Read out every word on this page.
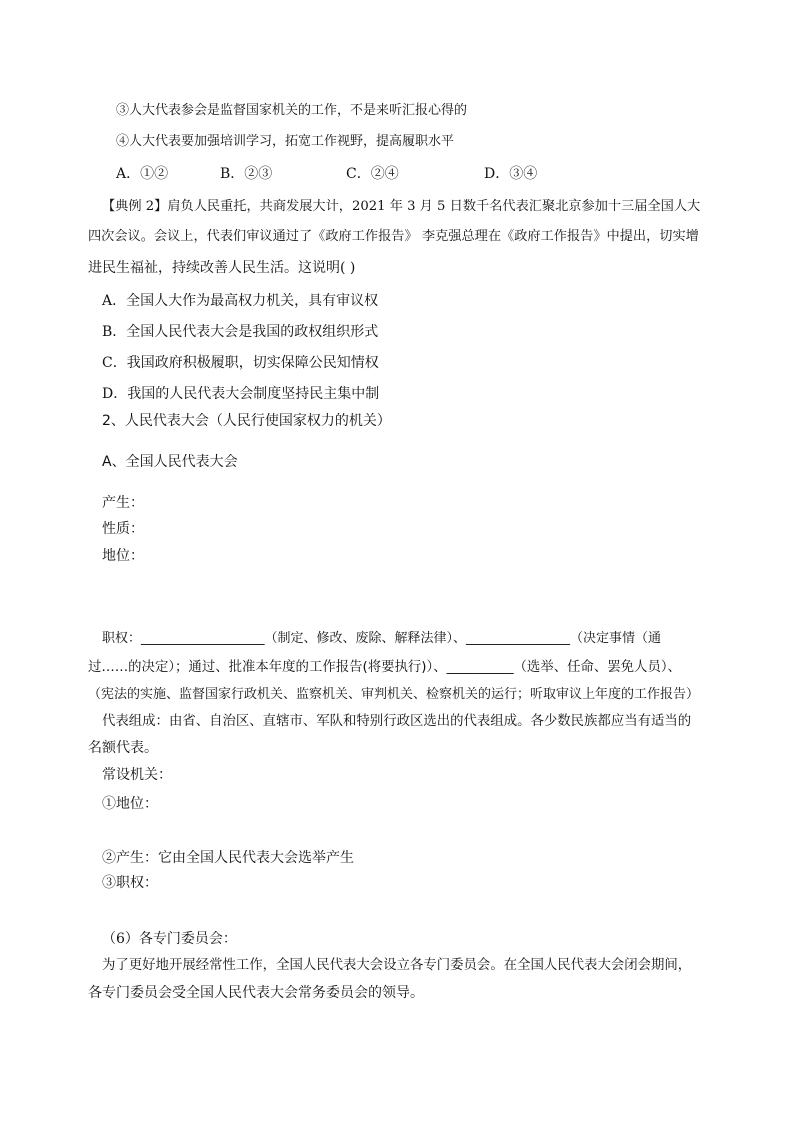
③人大代表参会是监督国家机关的工作，不是来听汇报心得的
④人大代表要加强培训学习，拓宽工作视野，提高履职水平
A．①②	B．②③	C．②④	D．③④
【典例 2】肩负人民重托，共商发展大计，2021 年 3 月 5 日数千名代表汇聚北京参加十三届全国人大
四次会议。会议上，代表们审议通过了《政府工作报告》 李克强总理在《政府工作报告》中提出，切实增
进民生福祉，持续改善人民生活。这说明( )
A．全国人大作为最高权力机关，具有审议权
B．全国人民代表大会是我国的政权组织形式
C．我国政府积极履职，切实保障公民知情权
D．我国的人民代表大会制度坚持民主集中制
2、人民代表大会（人民行使国家权力的机关）
A、全国人民代表大会
产生：
性质：
地位：
职权：___________________（制定、修改、废除、解释法律）、________________（决定事情（通
过……的决定）；通过、批准本年度的工作报告(将要执行)）、__________（选举、任命、罢免人员）、
（宪法的实施、监督国家行政机关、监察机关、审判机关、检察机关的运行；听取审议上年度的工作报告）
代表组成：由省、自治区、直辖市、军队和特别行政区选出的代表组成。各少数民族都应当有适当的
名额代表。
常设机关：
①地位：
②产生：它由全国人民代表大会选举产生
③职权：
（6）各专门委员会：
为了更好地开展经常性工作，全国人民代表大会设立各专门委员会。在全国人民代表大会闭会期间，
各专门委员会受全国人民代表大会常务委员会的领导。
